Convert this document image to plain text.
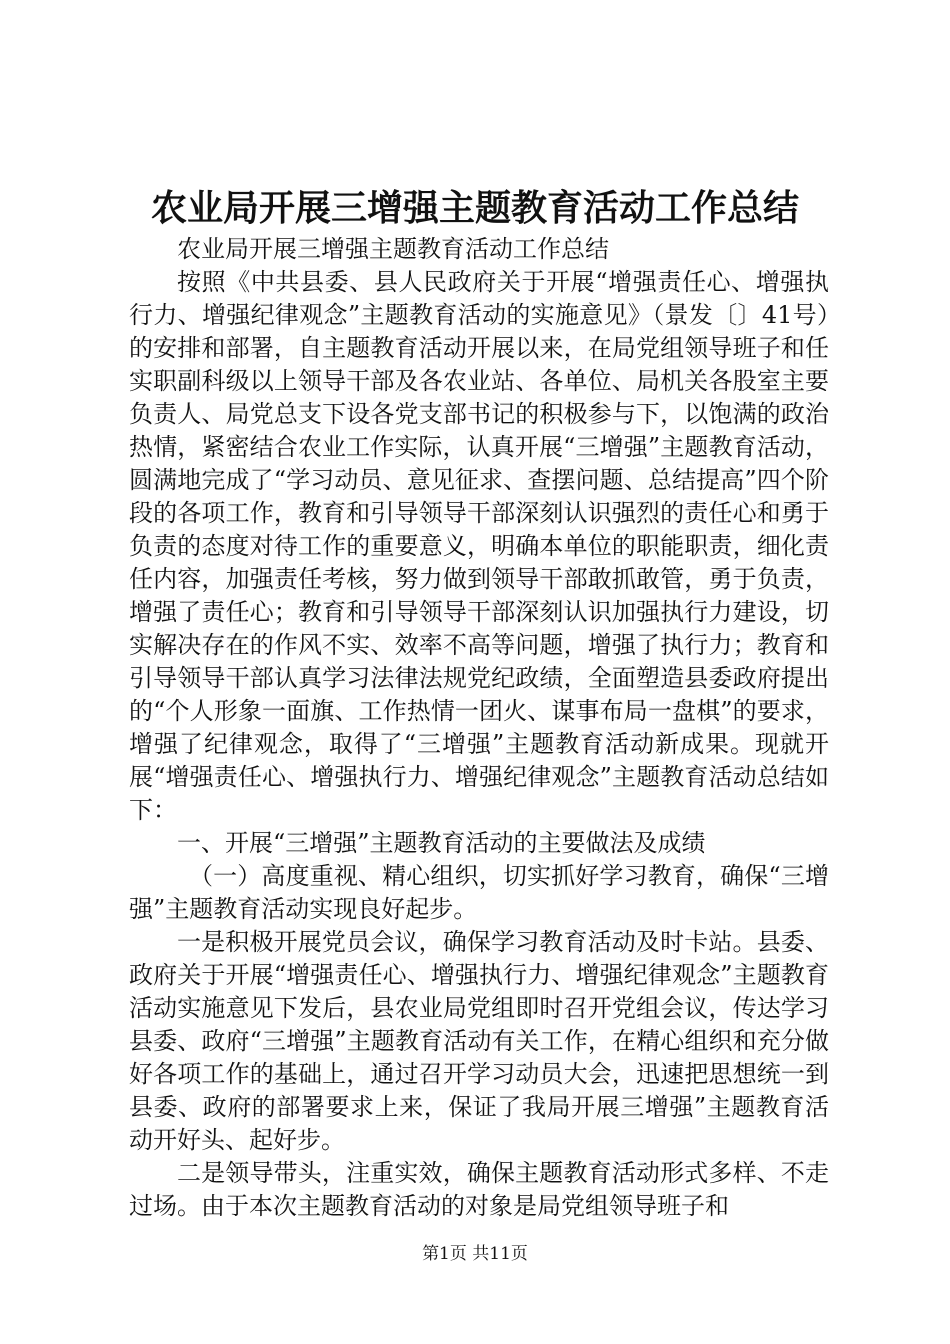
农业局开展三增强主题教育活动工作总结

农业局开展三增强主题教育活动工作总结

按照《中共县委、县人民政府关于开展“增强责任心、增强执行力、增强纪律观念”主题教育活动的实施意见》（景发〔〕41号）的安排和部署，自主题教育活动开展以来，在局党组领导班子和任实职副科级以上领导干部及各农业站、各单位、局机关各股室主要负责人、局党总支下设各党支部书记的积极参与下，以饱满的政治热情，紧密结合农业工作实际，认真开展“三增强”主题教育活动，圆满地完成了“学习动员、意见征求、查摆问题、总结提高”四个阶段的各项工作，教育和引导领导干部深刻认识强烈的责任心和勇于负责的态度对待工作的重要意义，明确本单位的职能职责，细化责任内容，加强责任考核，努力做到领导干部敢抓敢管，勇于负责，增强了责任心；教育和引导领导干部深刻认识加强执行力建设，切实解决存在的作风不实、效率不高等问题，增强了执行力；教育和引导领导干部认真学习法律法规党纪政绩，全面塑造县委政府提出的“个人形象一面旗、工作热情一团火、谋事布局一盘棋”的要求，增强了纪律观念，取得了“三增强”主题教育活动新成果。现就开展“增强责任心、增强执行力、增强纪律观念”主题教育活动总结如下：

一、开展“三增强”主题教育活动的主要做法及成绩

（一）高度重视、精心组织，切实抓好学习教育，确保“三增强”主题教育活动实现良好起步。

一是积极开展党员会议，确保学习教育活动及时卡站。县委、政府关于开展“增强责任心、增强执行力、增强纪律观念”主题教育活动实施意见下发后，县农业局党组即时召开党组会议，传达学习县委、政府“三增强”主题教育活动有关工作，在精心组织和充分做好各项工作的基础上，通过召开学习动员大会，迅速把思想统一到县委、政府的部署要求上来，保证了我局开展三增强”主题教育活动开好头、起好步。

二是领导带头，注重实效，确保主题教育活动形式多样、不走过场。由于本次主题教育活动的对象是局党组领导班子和

第1页 共11页
